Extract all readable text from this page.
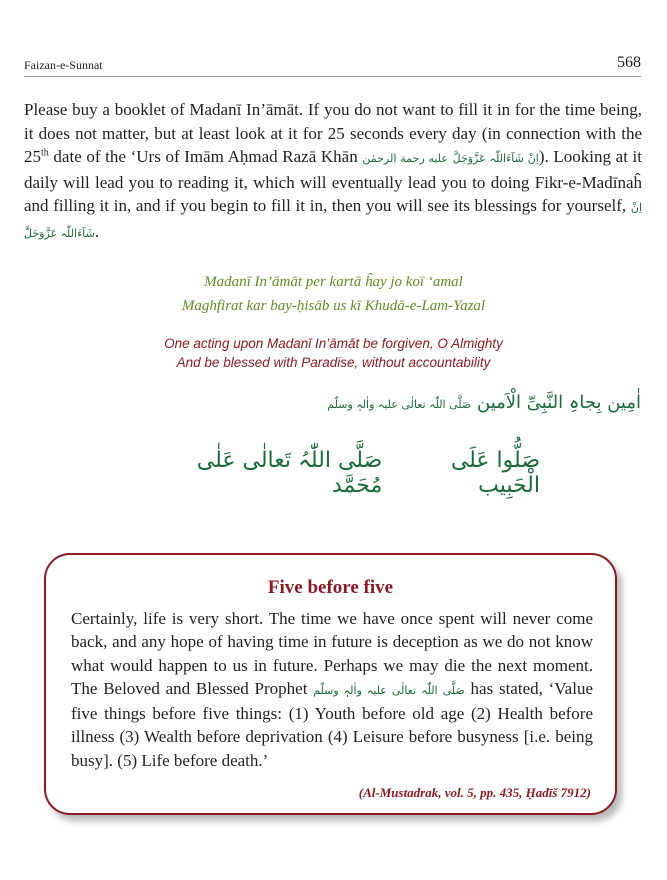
Faizan-e-Sunnat	568
Please buy a booklet of Madanī In’āmāt. If you do not want to fill it in for the time being, it does not matter, but at least look at it for 25 seconds every day (in connection with the 25th date of the ‘Urs of Imām Aḥmad Razā Khān عليه رحمة الرحمٰن اِنْ شَآءَاللّٰہ عَزَّوَجَلَّ). Looking at it daily will lead you to reading it, which will eventually lead you to doing Fikr-e-Madīnaĥ and filling it in, and if you begin to fill it in, then you will see its blessings for yourself, اِنْ شَآءَاللّٰہ عَزَّوَجَلَّ.
Madanī In’āmāt per kartā ĥay jo koī ‘amal
Maghfirat kar bay-ḥisāb us kī Khudā-e-Lam-Yazal
One acting upon Madanī In’āmāt be forgiven, O Almighty
And be blessed with Paradise, without accountability
اٰمِین بِجاہِ النَّبِیِّ الْاَمین صَلَّی اللّٰہ تعالٰی علیہ واٰلہٖ وسلّم
صَلُّوا عَلَی الْحَبِیب
صَلَّی اللّٰہُ تَعالٰی عَلٰی مُحَمَّد
Five before five
Certainly, life is very short. The time we have once spent will never come back, and any hope of having time in future is deception as we do not know what would happen to us in future. Perhaps we may die the next moment. The Beloved and Blessed Prophet صَلَّی اللّٰہ تعالٰی علیہ واٰلہٖ وسلّم has stated, ‘Value five things before five things: (1) Youth before old age (2) Health before illness (3) Wealth before deprivation (4) Leisure before busyness [i.e. being busy]. (5) Life before death.’
(Al-Mustadrak, vol. 5, pp. 435, Ḥadīš 7912)
